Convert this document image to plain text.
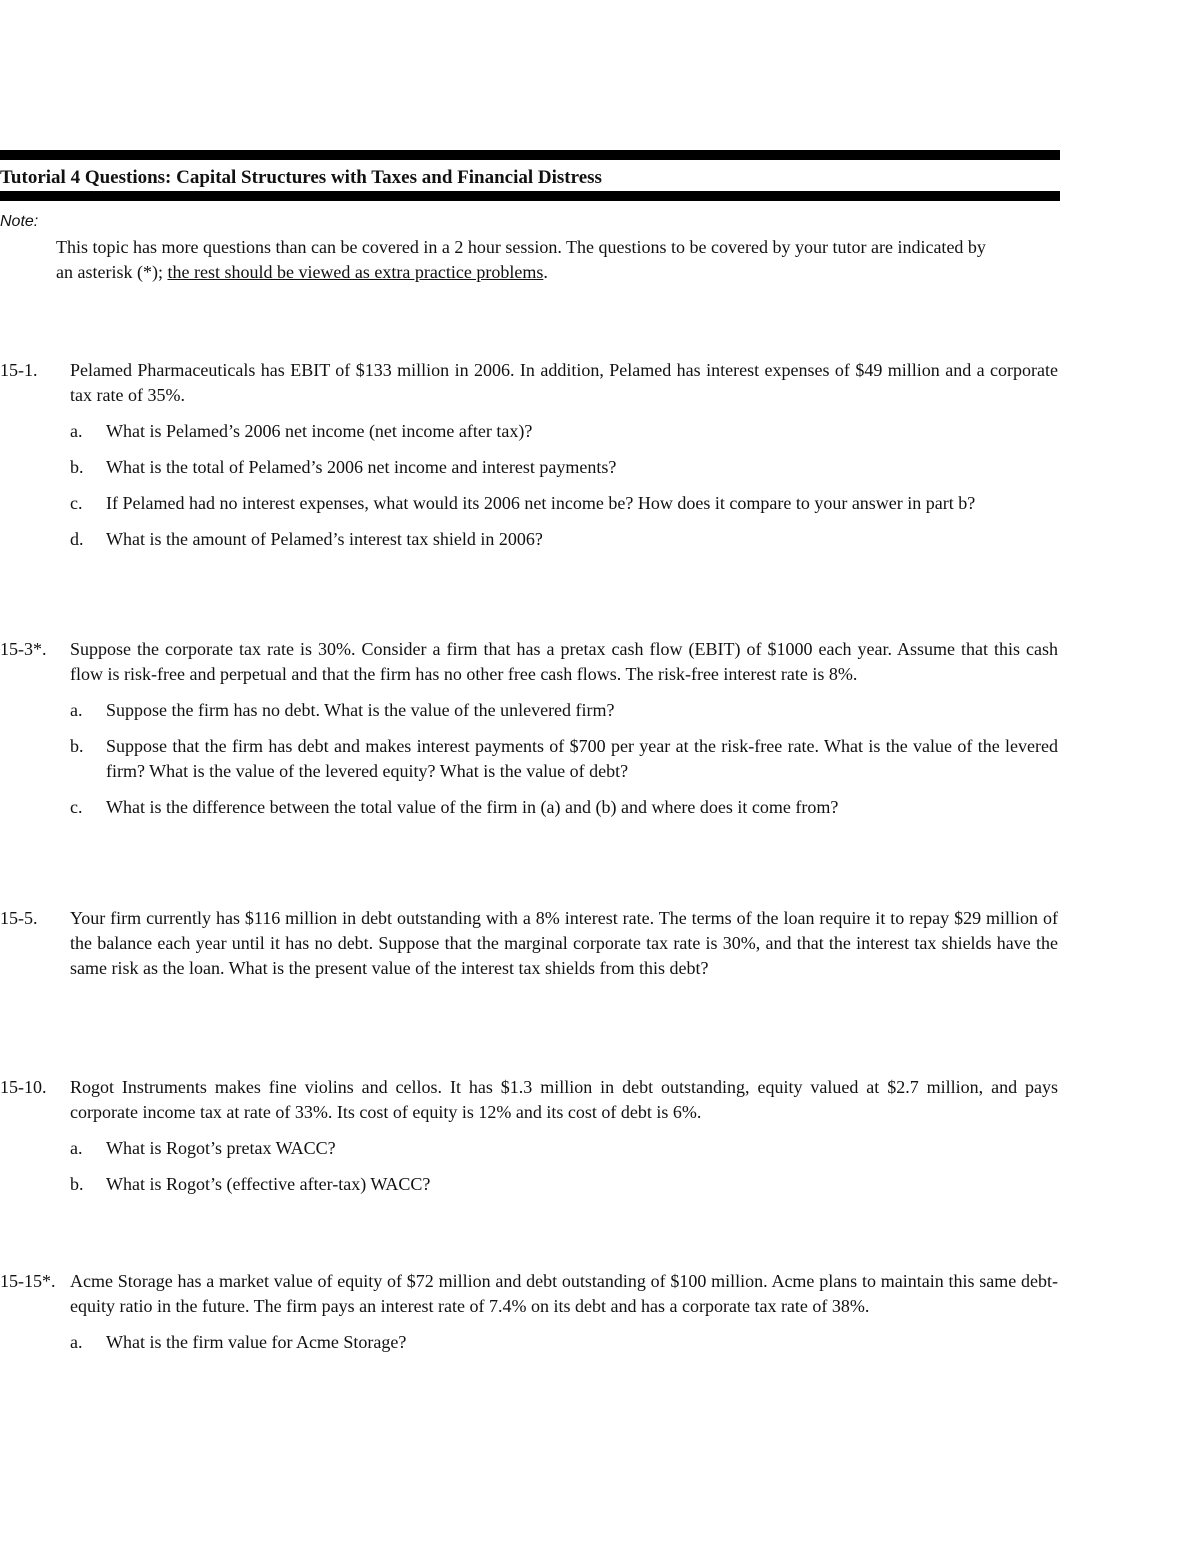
Tutorial 4 Questions: Capital Structures with Taxes and Financial Distress
Note:
This topic has more questions than can be covered in a 2 hour session. The questions to be covered by your tutor are indicated by an asterisk (*); the rest should be viewed as extra practice problems.
15-1. Pelamed Pharmaceuticals has EBIT of $133 million in 2006. In addition, Pelamed has interest expenses of $49 million and a corporate tax rate of 35%.
a. What is Pelamed’s 2006 net income (net income after tax)?
b. What is the total of Pelamed’s 2006 net income and interest payments?
c. If Pelamed had no interest expenses, what would its 2006 net income be? How does it compare to your answer in part b?
d. What is the amount of Pelamed’s interest tax shield in 2006?
15-3*. Suppose the corporate tax rate is 30%. Consider a firm that has a pretax cash flow (EBIT) of $1000 each year. Assume that this cash flow is risk-free and perpetual and that the firm has no other free cash flows. The risk-free interest rate is 8%.
a. Suppose the firm has no debt. What is the value of the unlevered firm?
b. Suppose that the firm has debt and makes interest payments of $700 per year at the risk-free rate. What is the value of the levered firm? What is the value of the levered equity? What is the value of debt?
c. What is the difference between the total value of the firm in (a) and (b) and where does it come from?
15-5. Your firm currently has $116 million in debt outstanding with a 8% interest rate. The terms of the loan require it to repay $29 million of the balance each year until it has no debt. Suppose that the marginal corporate tax rate is 30%, and that the interest tax shields have the same risk as the loan. What is the present value of the interest tax shields from this debt?
15-10. Rogot Instruments makes fine violins and cellos. It has $1.3 million in debt outstanding, equity valued at $2.7 million, and pays corporate income tax at rate of 33%. Its cost of equity is 12% and its cost of debt is 6%.
a. What is Rogot’s pretax WACC?
b. What is Rogot’s (effective after-tax) WACC?
15-15*. Acme Storage has a market value of equity of $72 million and debt outstanding of $100 million. Acme plans to maintain this same debt-equity ratio in the future. The firm pays an interest rate of 7.4% on its debt and has a corporate tax rate of 38%.
a. What is the firm value for Acme Storage?
